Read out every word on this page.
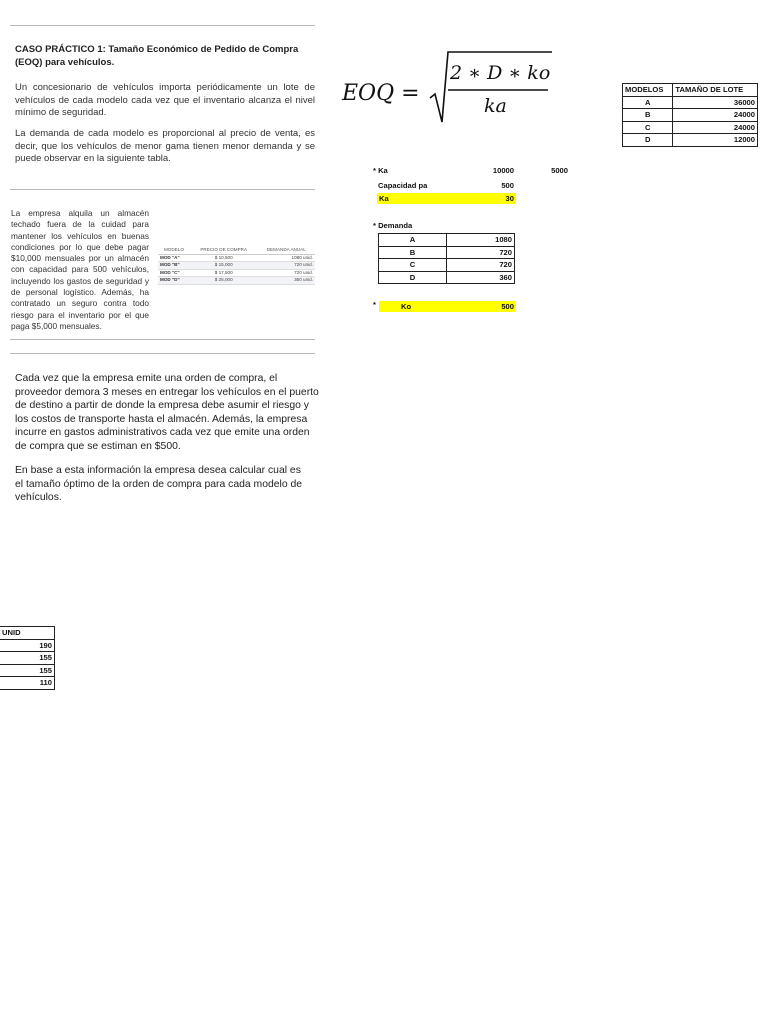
CASO PRÁCTICO 1: Tamaño Económico de Pedido de Compra (EOQ) para vehículos.
Un concesionario de vehículos importa periódicamente un lote de vehículos de cada modelo cada vez que el inventario alcanza el nivel mínimo de seguridad.
La demanda de cada modelo es proporcional al precio de venta, es decir, que los vehículos de menor gama tienen menor demanda y se puede observar en la siguiente tabla.
La empresa alquila un almacén techado fuera de la cuidad para mantener los vehículos en buenas condiciones por lo que debe pagar $10,000 mensuales por un almacén con capacidad para 500 vehículos, incluyendo los gastos de seguridad y de personal logístico. Además, ha contratado un seguro contra todo riesgo para el inventario por el que paga $5,000 mensuales.
MODELO	PRECIO DE COMPRA	DEMANDA ANUAL
MOD "A"	$ 10,500	1080 unid.
MOD "B"	$ 15,000	720 unid.
MOD "C"	$ 17,500	720 unid.
MOD "D"	$ 25,000	360 unid.
Cada vez que la empresa emite una orden de compra, el proveedor demora 3 meses en entregar los vehículos en el puerto de destino a partir de donde la empresa debe asumir el riesgo y los costos de transporte hasta el almacén. Además, la empresa incurre en gastos administrativos cada vez que emite una orden de compra que se estiman en $500.
En base a esta información la empresa desea calcular cual es el tamaño óptimo de la orden de compra para cada modelo de vehículos.
EOQ =
2 ∗ D ∗ ko
ka
MODELOS	TAMAÑO DE LOTE
A	36000
B	24000
C	24000
D	12000
* Ka	10000	5000
Capacidad pa	500
Ka	30
* Demanda
A	1080
B	720
C	720
D	360
*	Ko	500
UNID
190
155
155
110
